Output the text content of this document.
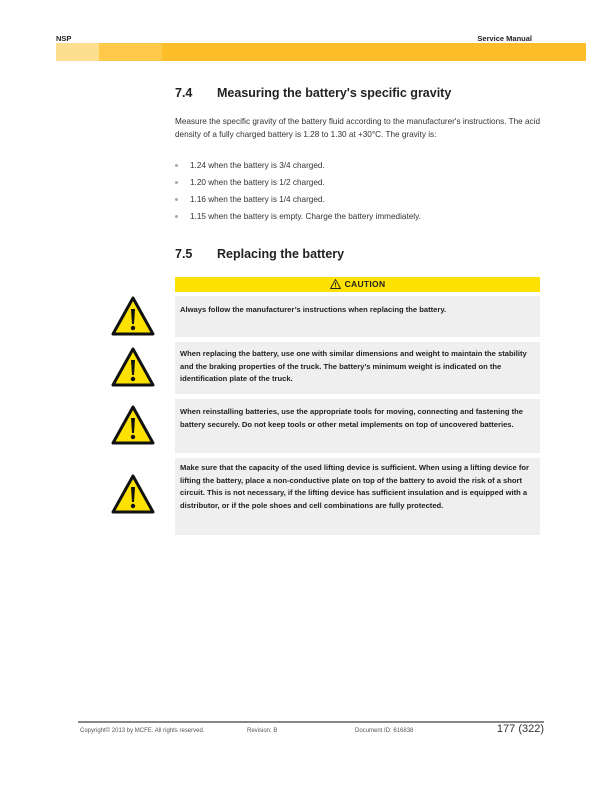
NSP	Service Manual
7.4 Measuring the battery's specific gravity
Measure the specific gravity of the battery fluid according to the manufacturer's instructions. The acid density of a fully charged battery is 1.28 to 1.30 at +30°C. The gravity is:
1.24 when the battery is 3/4 charged.
1.20 when the battery is 1/2 charged.
1.16 when the battery is 1/4 charged.
1.15 when the battery is empty. Charge the battery immediately.
7.5 Replacing the battery
CAUTION
Always follow the manufacturer’s instructions when replacing the battery.
When replacing the battery, use one with similar dimensions and weight to maintain the stability and the braking properties of the truck. The battery’s minimum weight is indicated on the identification plate of the truck.
When reinstalling batteries, use the appropriate tools for moving, connecting and fastening the battery securely. Do not keep tools or other metal implements on top of uncovered batteries.
Make sure that the capacity of the used lifting device is sufficient. When using a lifting device for lifting the battery, place a non-conductive plate on top of the battery to avoid the risk of a short circuit. This is not necessary, if the lifting device has sufficient insulation and is equipped with a distributor, or if the pole shoes and cell combinations are fully protected.
Copyright© 2013 by MCFE. All rights reserved.	Revision: B	Document ID: 616838	177 (322)
